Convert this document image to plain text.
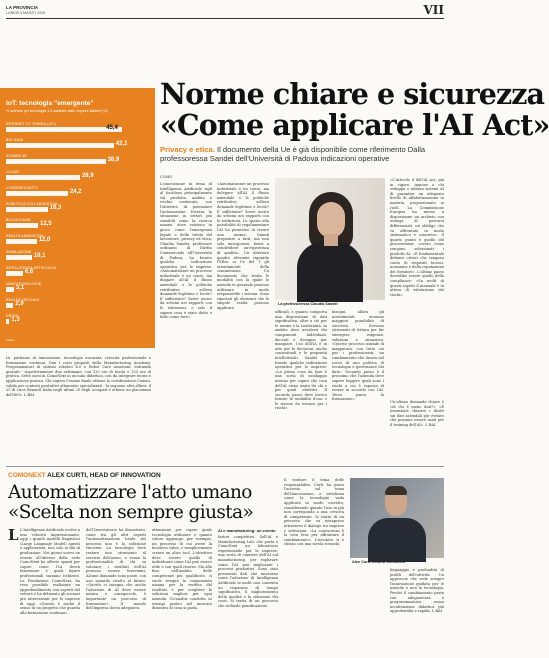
LA PROVINCIA
LUNEDÌ 9 MARZO 2026	VII
IoT: tecnologia "emergente"
% aziende per tecnologie 4.0 adottate dalle imprese italiane (%)
INTERNET OF THINGS (IOT)
45,4
BIG DATA
42,1
STAMPA 3D
38,9
CLOUD
28,9
CYBERSECURITY
24,2
ROBOTICA COLLABORATIVA
16,3
BLOCKCHAIN
12,5
REALTÀ AUMENTATA
12,0
SIMULAZIONE
10,1
INTELLIGENZA ARTIFICIALE
6,6
NANOTECNOLOGIE
3,1
REALTÀ VIRTUALE
2,9
DRONI
1,3
Fonte: ...
IA. partiamo di innovazione, tecnologia avanzata, crescita professionale e formazione continua. Due i corsi proposti dalla Manufacturing Academy. Programmatori di sistemi robotici 4.0 e Robot Care Assistant, entrambi gratuiti - rispettivamente due settimane, con 120 ore di teoria e 120 ore di pratica. Sette mesi in ComoNext in un'aula didattica, con da integrare teoria e applicazione pratica. Chi supera l'esame finale ottiene la certificazione Comau, valida per contesti produttivi altamente specializzati - la seguono altri allievi: il 25 di circa Renault Italia negli ultimi 20 degli occupati e ottiene un placement dell'80%. L.BAI
Norme chiare e sicurezza
«Come applicare l'AI Act»
Privacy e etica. Il documento della Ue è già disponibile come riferimento Dalla professoressa Sandei dell'Università di Padova indicazioni operative
COMO
L'innovazione in tema di Intelligenza Artificiale sigli al focalizza principalmente sul prodotto, ambito a rischio contenuto, con l'obiettivo di potenziare l'automazione. Diversa la situazione in settori più sensibili come la ricerca umane, dove esistono in gioco come l'emergenza legale e della tutela del lavoratore, privacy ed etica. Claudia Sandei, professore ordinario di Diritto Commerciale all'Università di Padova, ha fornito qualche indicazione operativa per le imprese. «Automatizzare un processo industriale è un conto, ma diagare all'AI il flusso aziendale o le politiche retributive, solleva domande legittime e lecite? È sufficiente? Serve uscire da schemi nei rapporti con le istituzioni, e solo il sapere cosa è stato detto e fatto come fare».
«Automatizzare un processo industriale è un conto, ma delegare all'AI il flusso aziendale o le politiche retributive, solleva domande legittime e lecite? È sufficiente? Serve uscire da schemi nei rapporti con le istituzioni. Lo spazio alla possibilità di regolamentare l'AI ha permesso di creare una norma. Quindi preparare a tutti, ma non solo incorporare, bensì a condividere un'esperienza di qualità». Un ulteriore quadro rilevante riguarda l'Ethic ai Ue del 1 gli orientamenti della commissione. Un documento che tratta le modalità con la quale le aziende in generale possono utilizzare in modo responsabile i sistemi. Sono riportati gli elementi che le singole realtà possono applicare.
La professoressa Claudia Sandei
ufficiali, e quanto comporta una disposizione di dati significativa, oltre a ciò per le norme e la conformità. In ambito deve avvalersi dei componenti individuali, decenti e designer per mangiare. Uso dell'IA è in atto per le decisioni, anche contrattuali e le proprietà intellettuali». Sandei ha fornito qualche indicazione operativa per le imprese: «La prima cosa da fare è una sorta di sondaggio interno per capire che cosa dell'AI viene usata da chi e per quali obiettivi. Il secondo passo deve invece fornire le modalità d'uso e le risorse da trovare per i rischi».
bisogni, allora gli investimenti avranno maggiori possibilità di successo. Servono strumenti di lettura per far emergere esigenze, soluzioni e situazioni. «Questo processo iniziale di mappatura, con tutto ciò per i professionisti, un cambiamento che lavora nel corso di una politica di tecnologia e governance dei dati». Secondo passo è il prossimo che l'azienda deve sapere leggere quali sono i rischi a cui è esposta di essere in accordo con l'AI. Terzo punto, la formazione».
«L'Articolo 4 dell'AI Act, già in vigore, impone a chi sviluppa o utilizza sistemi AI di garantire un adeguato livello di alfabetizzazione in materia, proporzionato ai ruoli. La Commissione Europea ha messo a disposizione un archivio con esempi di percorsi differenziati, un obbligo che va affrontato in modo sistematico e concreto». Il quarto punto è quello del procurement, ovvero come vengono selezionati i prodotti AI. «È fondamentale definire criteri che tengano conto di requisiti tecnici, normativi e della reputazione dei fornitori». L'ultimo passo dovrebbe essere quello della compliance: «Su molti di questi aspetti il manuale è in attesa di valutazione dei rischi».
Un'ultima domanda chiave è «di chi è meno dati?». «È essenziale chiarire i diritti sui dati aziendali per evitare che possano essere usati per il training dell'AI». L.BAI
COMONEXT ALEX CURTI, HEAD OF INNOVATION
Automatizzare l'atto umano
«Scelta non sempre giusta»
L L'Intelligenza Artificiale evolve a una velocità impressionante, oggi i grandi modelli linguistici (Large Language Model) agenti e applicazioni, non solo ai fini di produzione. Nei giorni scorsi un evento all'interno della sede ComoNext ha offerto spunti per capire come l'IA dovrà funzionare e quali figure professionali saranno richieste. La Fondazione ComoNext, ha reso possibile realizzare un approfondimento con esperti del settore e ha delineato gli scenari più interessanti per le imprese di oggi. «Questo è anche il senso di un progetto che guarda alla formazione continua».
dell'Osservatorio ha dimostrato, come tra gli altri aspetti l'automatizzazione totale dei processi non è la soluzione vincente. La tecnologia deve restare uno strumento al servizio dell'uomo, e senza la professionalità di chi sa valutare, i risultati dell'AI possono essere fuorvianti. Alcune domande sono poste, con uno sguardo rivolto al futuro. «Questo ci insegna che anche l'adozione di AI deve essere mirata e consapevole, è importante un percorso di formazione». Il mondo dell'impresa dovrà adeguarsi.
attenzione per capire quale tecnologia utilizzare e quanto valore aggiunge, per esempio, un processo di cui avere la business value, o semplicemente creare un altro tool. L'obiettivo deve essere quello di individuare come l'AI può essere utile e con quali risorse. Ma alla fine, nell'ambito delle competenze più qualificate, ci vuole sempre la componente umana per la verifica del risultato e per scegliere le soluzioni migliori per ogni azienda. Un'analisi condotta su esempi pratici nel mercato dimostra di cosa si parla.
AI e manufacturing: un evento
fattori competitivi. Sull'AI e Manufacturing Lab, che porta a ComoNext un laboratorio esperienziale per le imprese, una sorta di cantiere dell'AI sul manufacturing, per esplorare come l'AI può migliorare i processi produttivi. Sono stati presentati dati che mostrano come l'adozione di Intelligenza Artificiale in molti casi consenta un risparmio di tempo significativo, il miglioramento della qualità e la riduzione dei costi. Si tratta di un percorso che richiede pianificazione.
Il trattare il tema delle responsabilità, Curti ha posto l'accento sul tema dell'innovazione, e sottolinea come la tecnologia vada applicata in modo corretto, considerando quanto l'uso in più non corrisponda a una crescita di competenze. Si tratta di un percorso che va intrapreso attraverso il dialogo tra imprese e istituzioni. «La conoscenza è la vera leva per affrontare il cambiamento». L'incontro si è chiuso con una tavola rotonda.
Alex Curti, head di ComoNext
linguaggio e profondità di profili dell'attività. Un approccio che vede sempre l'innovazione guidata per le aziende e non la tecnologia. Perché il cambiamento parta con adeguatezza e programmazione, senza un'attenzione didattica più approfondita e rapida. L.BAI
